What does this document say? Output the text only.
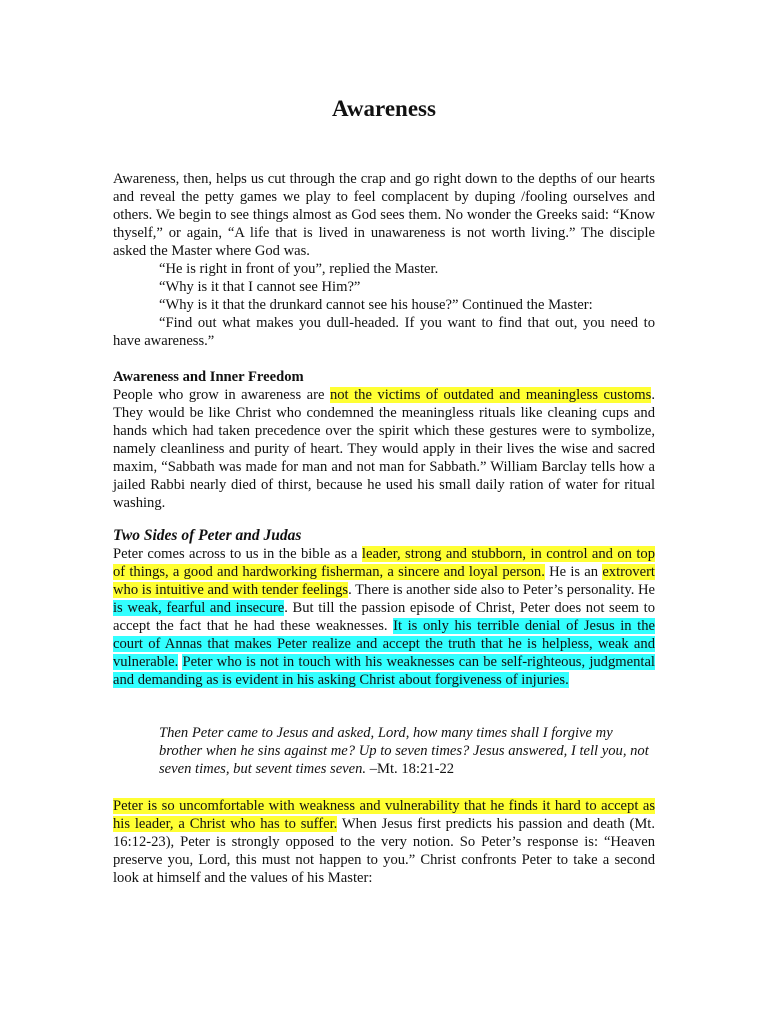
Awareness

Awareness, then, helps us cut through the crap and go right down to the depths of our hearts and reveal the petty games we play to feel complacent by duping /fooling ourselves and others. We begin to see things almost as God sees them. No wonder the Greeks said: “Know thyself,” or again, “A life that is lived in unawareness is not worth living.” The disciple asked the Master where God was.

“He is right in front of you”, replied the Master.

“Why is it that I cannot see Him?”

“Why is it that the drunkard cannot see his house?” Continued the Master:

“Find out what makes you dull-headed. If you want to find that out, you need to have awareness.”

Awareness and Inner Freedom

People who grow in awareness are not the victims of outdated and meaningless customs. They would be like Christ who condemned the meaningless rituals like cleaning cups and hands which had taken precedence over the spirit which these gestures were to symbolize, namely cleanliness and purity of heart. They would apply in their lives the wise and sacred maxim, “Sabbath was made for man and not man for Sabbath.” William Barclay tells how a jailed Rabbi nearly died of thirst, because he used his small daily ration of water for ritual washing.

Two Sides of Peter and Judas

Peter comes across to us in the bible as a leader, strong and stubborn, in control and on top of things, a good and hardworking fisherman, a sincere and loyal person. He is an extrovert who is intuitive and with tender feelings. There is another side also to Peter’s personality. He is weak, fearful and insecure. But till the passion episode of Christ, Peter does not seem to accept the fact that he had these weaknesses. It is only his terrible denial of Jesus in the court of Annas that makes Peter realize and accept the truth that he is helpless, weak and vulnerable. Peter who is not in touch with his weaknesses can be self-righteous, judgmental and demanding as is evident in his asking Christ about forgiveness of injuries.

Then Peter came to Jesus and asked, Lord, how many times shall I forgive my brother when he sins against me? Up to seven times? Jesus answered, I tell you, not seven times, but sevent times seven. –Mt. 18:21-22

Peter is so uncomfortable with weakness and vulnerability that he finds it hard to accept as his leader, a Christ who has to suffer. When Jesus first predicts his passion and death (Mt. 16:12-23), Peter is strongly opposed to the very notion. So Peter’s response is: “Heaven preserve you, Lord, this must not happen to you.” Christ confronts Peter to take a second look at himself and the values of his Master:
